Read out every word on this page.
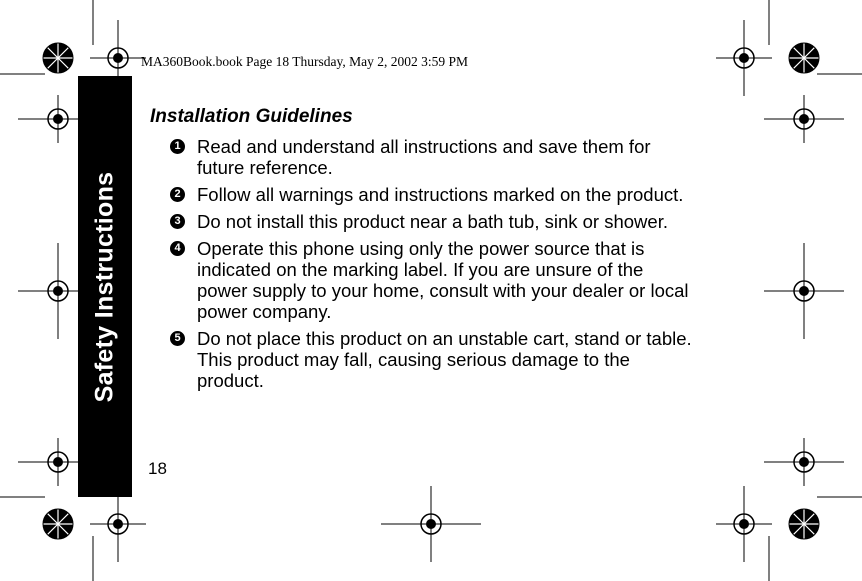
Safety Instructions
MA360Book.book Page 18 Thursday, May 2, 2002 3:59 PM
Installation Guidelines
1 Read and understand all instructions and save them for future reference.
2 Follow all warnings and instructions marked on the product.
3 Do not install this product near a bath tub, sink or shower.
4 Operate this phone using only the power source that is indicated on the marking label. If you are unsure of the power supply to your home, consult with your dealer or local power company.
5 Do not place this product on an unstable cart, stand or table. This product may fall, causing serious damage to the product.
18
